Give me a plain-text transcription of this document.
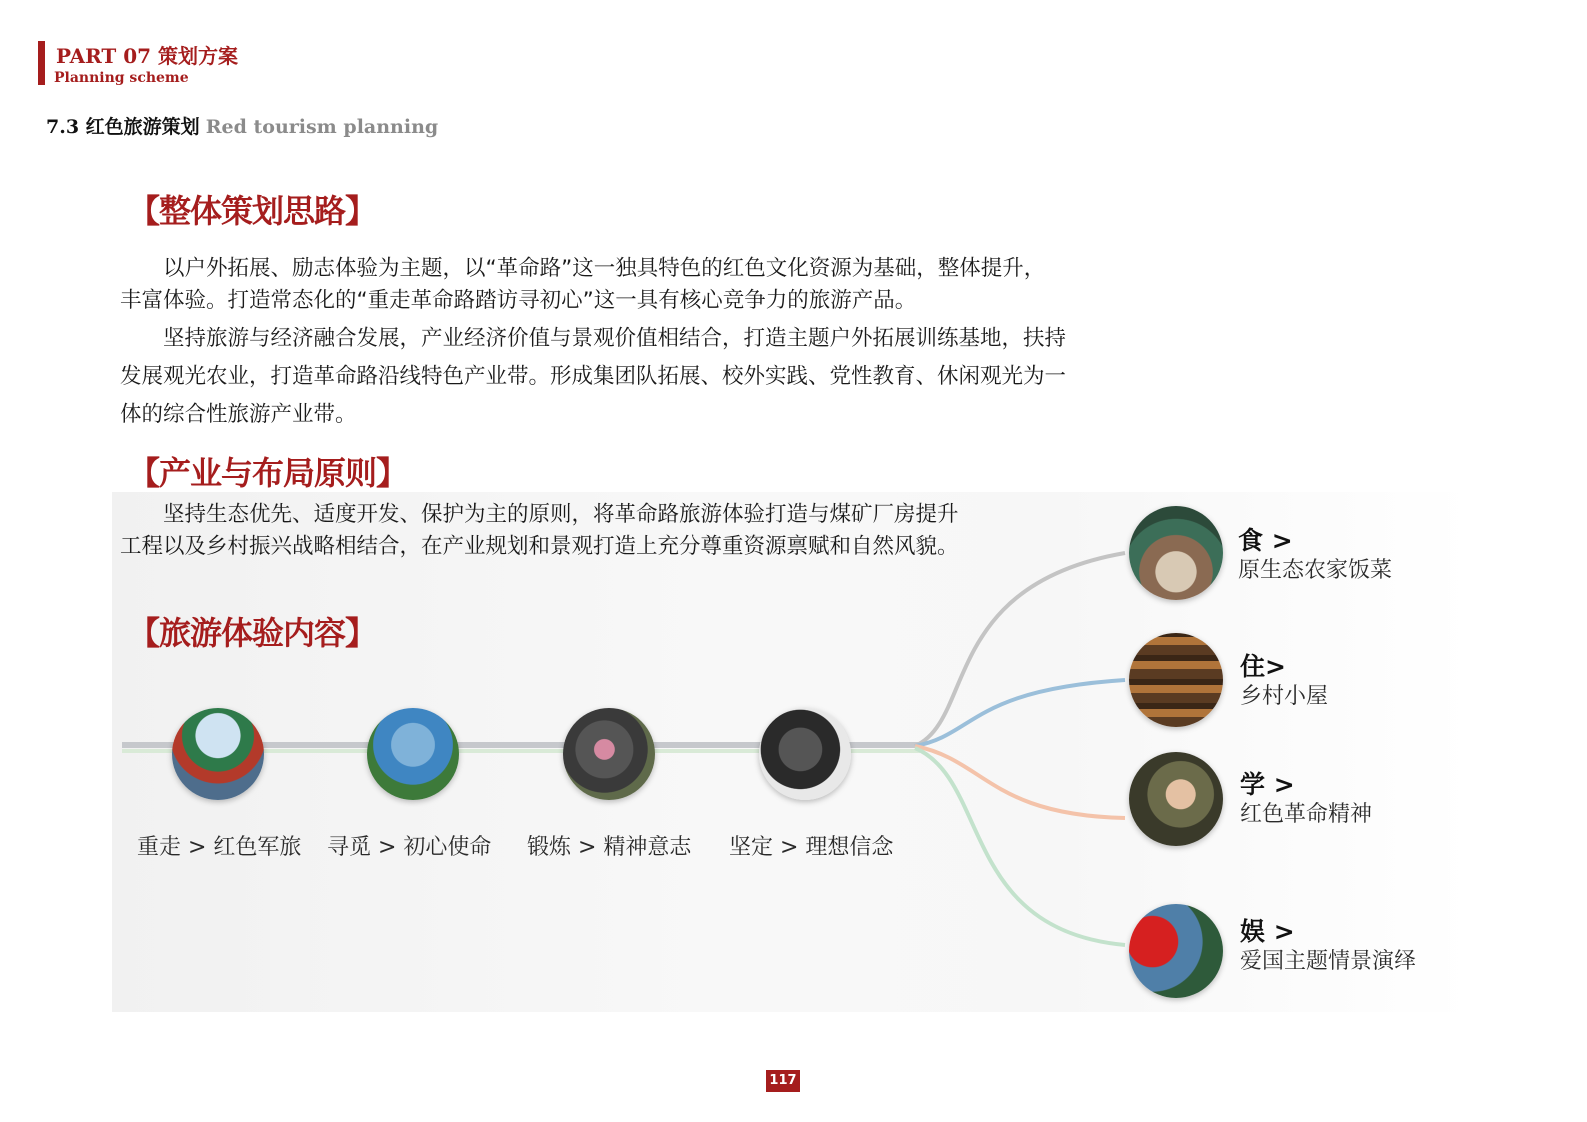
PART 07 策划方案
Planning scheme
7.3 红色旅游策划 Red tourism planning
【整体策划思路】
以户外拓展、励志体验为主题，以“革命路”这一独具特色的红色文化资源为基础，整体提升，
丰富体验。打造常态化的“重走革命路踏访寻初心”这一具有核心竞争力的旅游产品。
坚持旅游与经济融合发展，产业经济价值与景观价值相结合，打造主题户外拓展训练基地，扶持
发展观光农业，打造革命路沿线特色产业带。形成集团队拓展、校外实践、党性教育、休闲观光为一
体的综合性旅游产业带。
【产业与布局原则】
坚持生态优先、适度开发、保护为主的原则，将革命路旅游体验打造与煤矿厂房提升
工程以及乡村振兴战略相结合，在产业规划和景观打造上充分尊重资源禀赋和自然风貌。
【旅游体验内容】
重走 > 红色军旅 寻觅 > 初心使命 锻炼 > 精神意志 坚定 > 理想信念
食 >
原生态农家饭菜
住>
乡村小屋
学 >
红色革命精神
娱 >
爱国主题情景演绎
117
